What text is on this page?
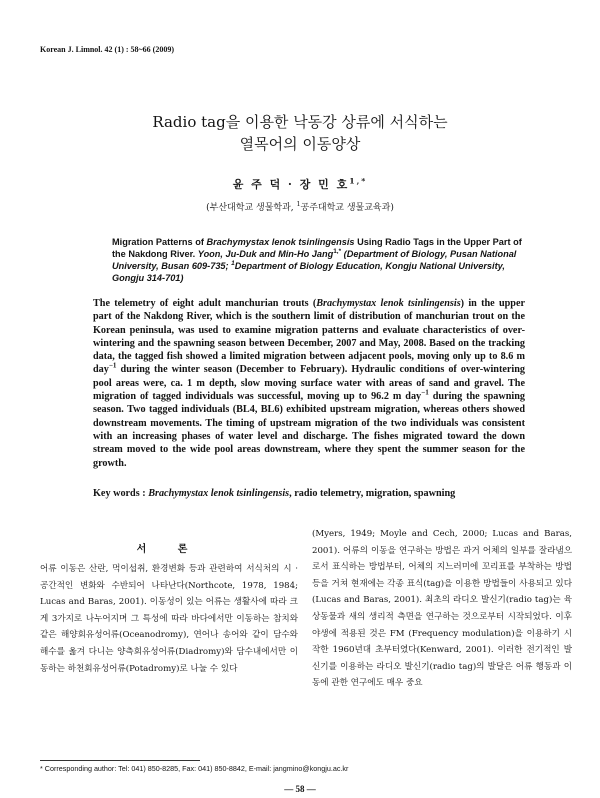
Korean J. Limnol. 42 (1) : 58~66 (2009)
Radio tag을 이용한 낙동강 상류에 서식하는
열목어의 이동양상
윤 주 덕 · 장 민 호$^{1,*}$
(부산대학교 생물학과, $^1$공주대학교 생물교육과)
Migration Patterns of Brachymystax lenok tsinlingensis Using Radio Tags in the Upper Part of the Nakdong River. Yoon, Ju-Duk and Min-Ho Jang$^{1,*}$ (Department of Biology, Pusan National University, Busan 609-735; $^1$Department of Biology Education, Kongju National University, Gongju 314-701)
The telemetry of eight adult manchurian trouts (Brachymystax lenok tsinlingensis) in the upper part of the Nakdong River, which is the southern limit of distribution of manchurian trout on the Korean peninsula, was used to examine migration patterns and evaluate characteristics of over-wintering and the spawning season between December, 2007 and May, 2008. Based on the tracking data, the tagged fish showed a limited migration between adjacent pools, moving only up to 8.6 m day$^{-1}$ during the winter season (December to February). Hydraulic conditions of over-wintering pool areas were, ca. 1 m depth, slow moving surface water with areas of sand and gravel. The migration of tagged individuals was successful, moving up to 96.2 m day$^{-1}$ during the spawning season. Two tagged individuals (BL4, BL6) exhibited upstream migration, whereas others showed downstream movements. The timing of upstream migration of the two individuals was consistent with an increasing phases of water level and discharge. The fishes migrated toward the down stream moved to the wide pool areas downstream, where they spent the summer season for the growth.
Key words : Brachymystax lenok tsinlingensis, radio telemetry, migration, spawning
서 론
어류 이동은 산란, 먹이섭취, 환경변화 등과 관련하여 서식처의 시 · 공간적인 변화와 수반되어 나타난다(Northcote, 1978, 1984; Lucas and Baras, 2001). 이동성이 있는 어류는 생활사에 따라 크게 3가지로 나누어지며 그 특성에 따라 바다에서만 이동하는 참치와 같은 해양회유성어류(Oceanodromy), 연어나 송어와 같이 담수와 해수를 옮겨 다니는 양측회유성어류(Diadromy)와 담수내에서만 이동하는 하천회유성어류(Potadromy)로 나눌 수 있다
(Myers, 1949; Moyle and Cech, 2000; Lucas and Baras, 2001). 어류의 이동을 연구하는 방법은 과거 어체의 일부를 잘라냄으로서 표식하는 방법부터, 어체의 지느러미에 꼬리표를 부착하는 방법 등을 거쳐 현재에는 각종 표식(tag)을 이용한 방법들이 사용되고 있다(Lucas and Baras, 2001). 최초의 라디오 발신기(radio tag)는 육상동물과 새의 생리적 측면을 연구하는 것으로부터 시작되었다. 이후 야생에 적용된 것은 FM (Frequency modulation)을 이용하기 시작한 1960년대 초부터였다(Kenward, 2001). 이러한 전기적인 발신기를 이용하는 라디오 발신기(radio tag)의 발달은 어류 행동과 이동에 관한 연구에도 매우 중요
* Corresponding author: Tel: 041) 850-8285, Fax: 041) 850-8842, E-mail: jangmino@kongju.ac.kr
— 58 —
